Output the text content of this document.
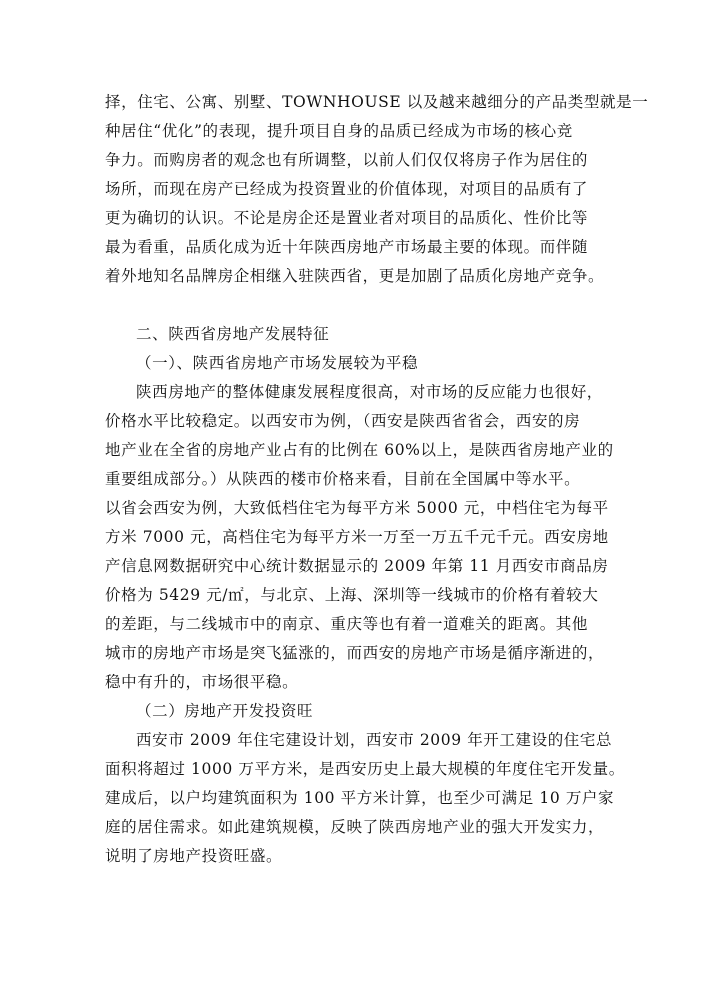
择，住宅、公寓、别墅、TOWNHOUSE 以及越来越细分的产品类型就是一
种居住“优化”的表现，提升项目自身的品质已经成为市场的核心竞
争力。而购房者的观念也有所调整，以前人们仅仅将房子作为居住的
场所，而现在房产已经成为投资置业的价值体现，对项目的品质有了
更为确切的认识。不论是房企还是置业者对项目的品质化、性价比等
最为看重，品质化成为近十年陕西房地产市场最主要的体现。而伴随
着外地知名品牌房企相继入驻陕西省，更是加剧了品质化房地产竞争。
二、陕西省房地产发展特征
（一）、陕西省房地产市场发展较为平稳
陕西房地产的整体健康发展程度很高，对市场的反应能力也很好，
价格水平比较稳定。以西安市为例，（西安是陕西省省会，西安的房
地产业在全省的房地产业占有的比例在 60%以上，是陕西省房地产业的
重要组成部分。）从陕西的楼市价格来看，目前在全国属中等水平。
以省会西安为例，大致低档住宅为每平方米 5000 元，中档住宅为每平
方米 7000 元，高档住宅为每平方米一万至一万五千元千元。西安房地
产信息网数据研究中心统计数据显示的 2009 年第 11 月西安市商品房
价格为 5429 元/㎡，与北京、上海、深圳等一线城市的价格有着较大
的差距，与二线城市中的南京、重庆等也有着一道难关的距离。其他
城市的房地产市场是突飞猛涨的，而西安的房地产市场是循序渐进的，
稳中有升的，市场很平稳。
（二）房地产开发投资旺
西安市 2009 年住宅建设计划，西安市 2009 年开工建设的住宅总
面积将超过 1000 万平方米，是西安历史上最大规模的年度住宅开发量。
建成后，以户均建筑面积为 100 平方米计算，也至少可满足 10 万户家
庭的居住需求。如此建筑规模，反映了陕西房地产业的强大开发实力，
说明了房地产投资旺盛。
